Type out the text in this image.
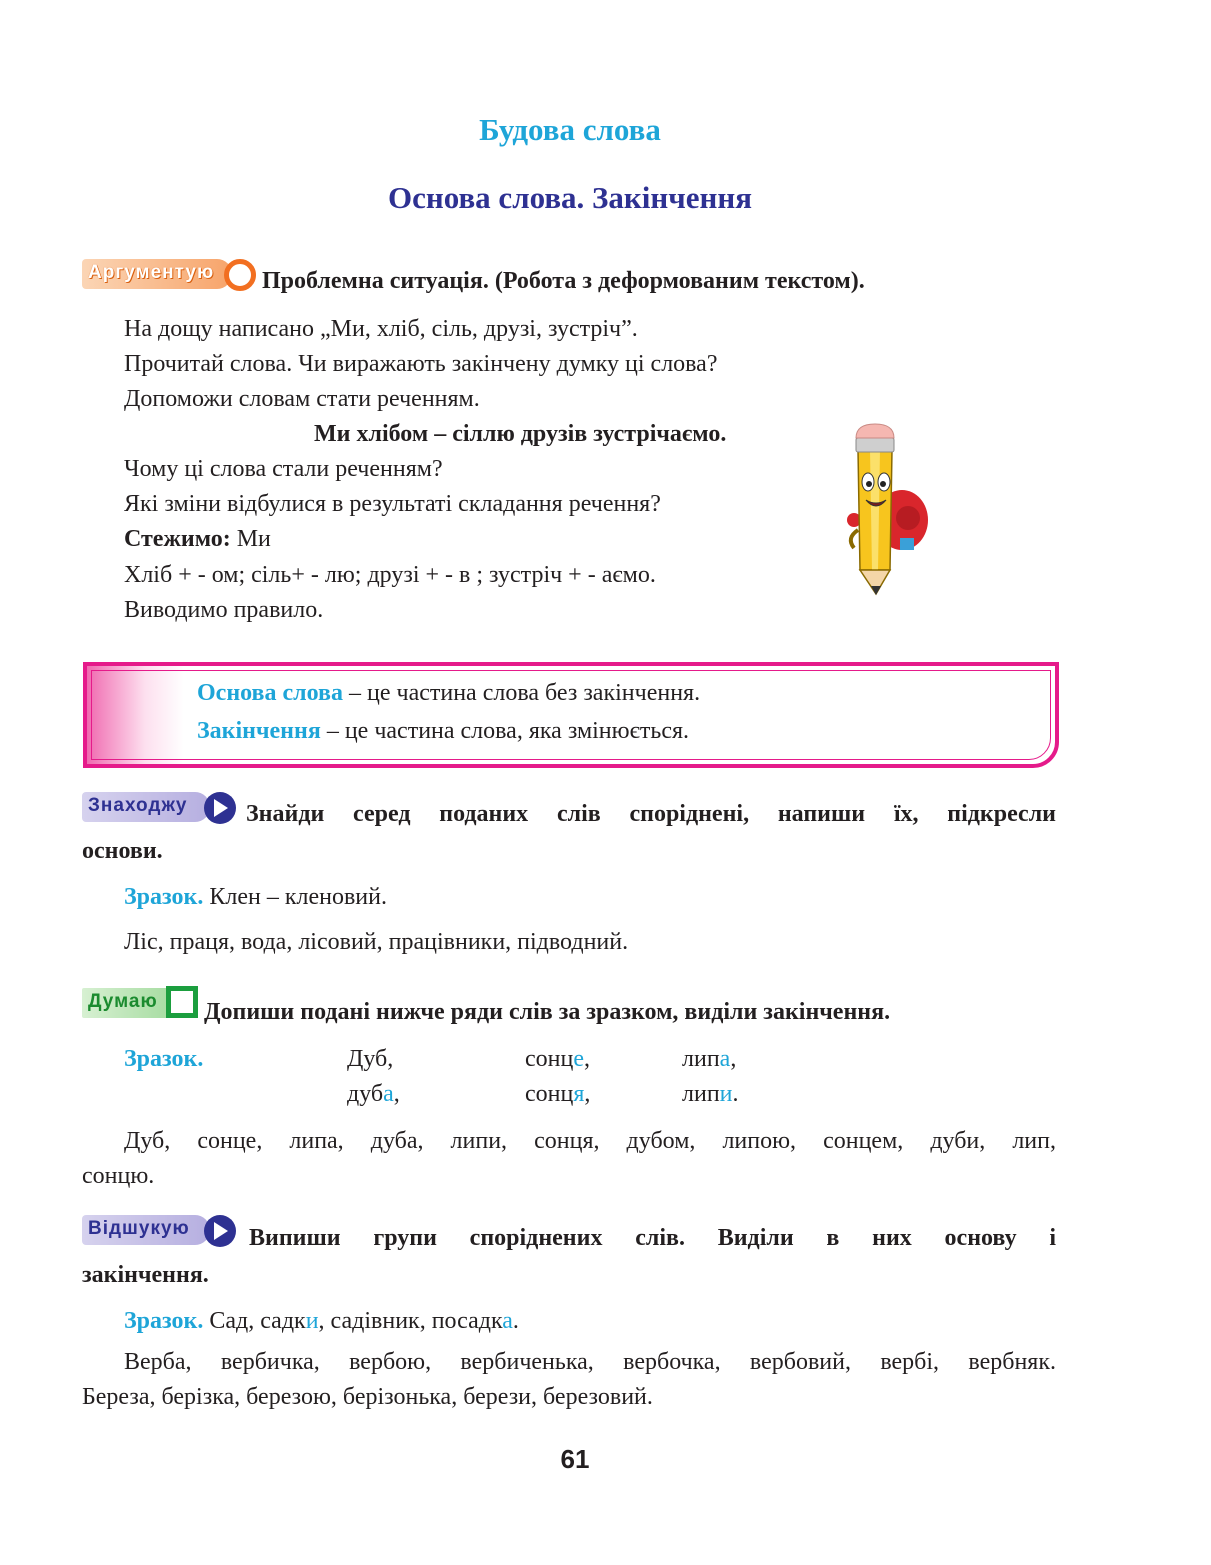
Будова слова
Основа слова. Закінчення
Аргументую Проблемна ситуація. (Робота з деформованим текстом).
На дощу написано „Ми, хліб, сіль, друзі, зустріч”.
Прочитай слова. Чи виражають закінчену думку ці слова?
Допоможи словам стати реченням.
Ми хлібом – сіллю друзів зустрічаємо.
Чому ці слова стали реченням?
Які зміни відбулися в результаті складання речення?
Стежимо: Ми
Хліб + - ом; сіль+ - лю; друзі + - в ; зустріч + - аємо.
Виводимо правило.
Основа слова – це частина слова без закінчення.
Закінчення – це частина слова, яка змінюється.
Знаходжу Знайди серед поданих слів споріднені, напиши їх, підкресли
основи.
Зразок. Клен – кленовий.
Ліс, праця, вода, лісовий, працівники, підводний.
Думаю Допиши подані нижче ряди слів за зразком, виділи закінчення.
Зразок.	Дуб,
дуба,
сонце,
сонця,
липа,
липи.
Дуб, сонце, липа, дуба, липи, сонця, дубом, липою, сонцем, дуби, лип,
сонцю.
Відшукую Випиши групи споріднених слів. Виділи в них основу і
закінчення.
Зразок. Сад, садки, садівник, посадка.
Верба, вербичка, вербою, вербиченька, вербочка, вербовий, вербі, вербняк.
Береза, берізка, березою, берізонька, берези, березовий.
61
